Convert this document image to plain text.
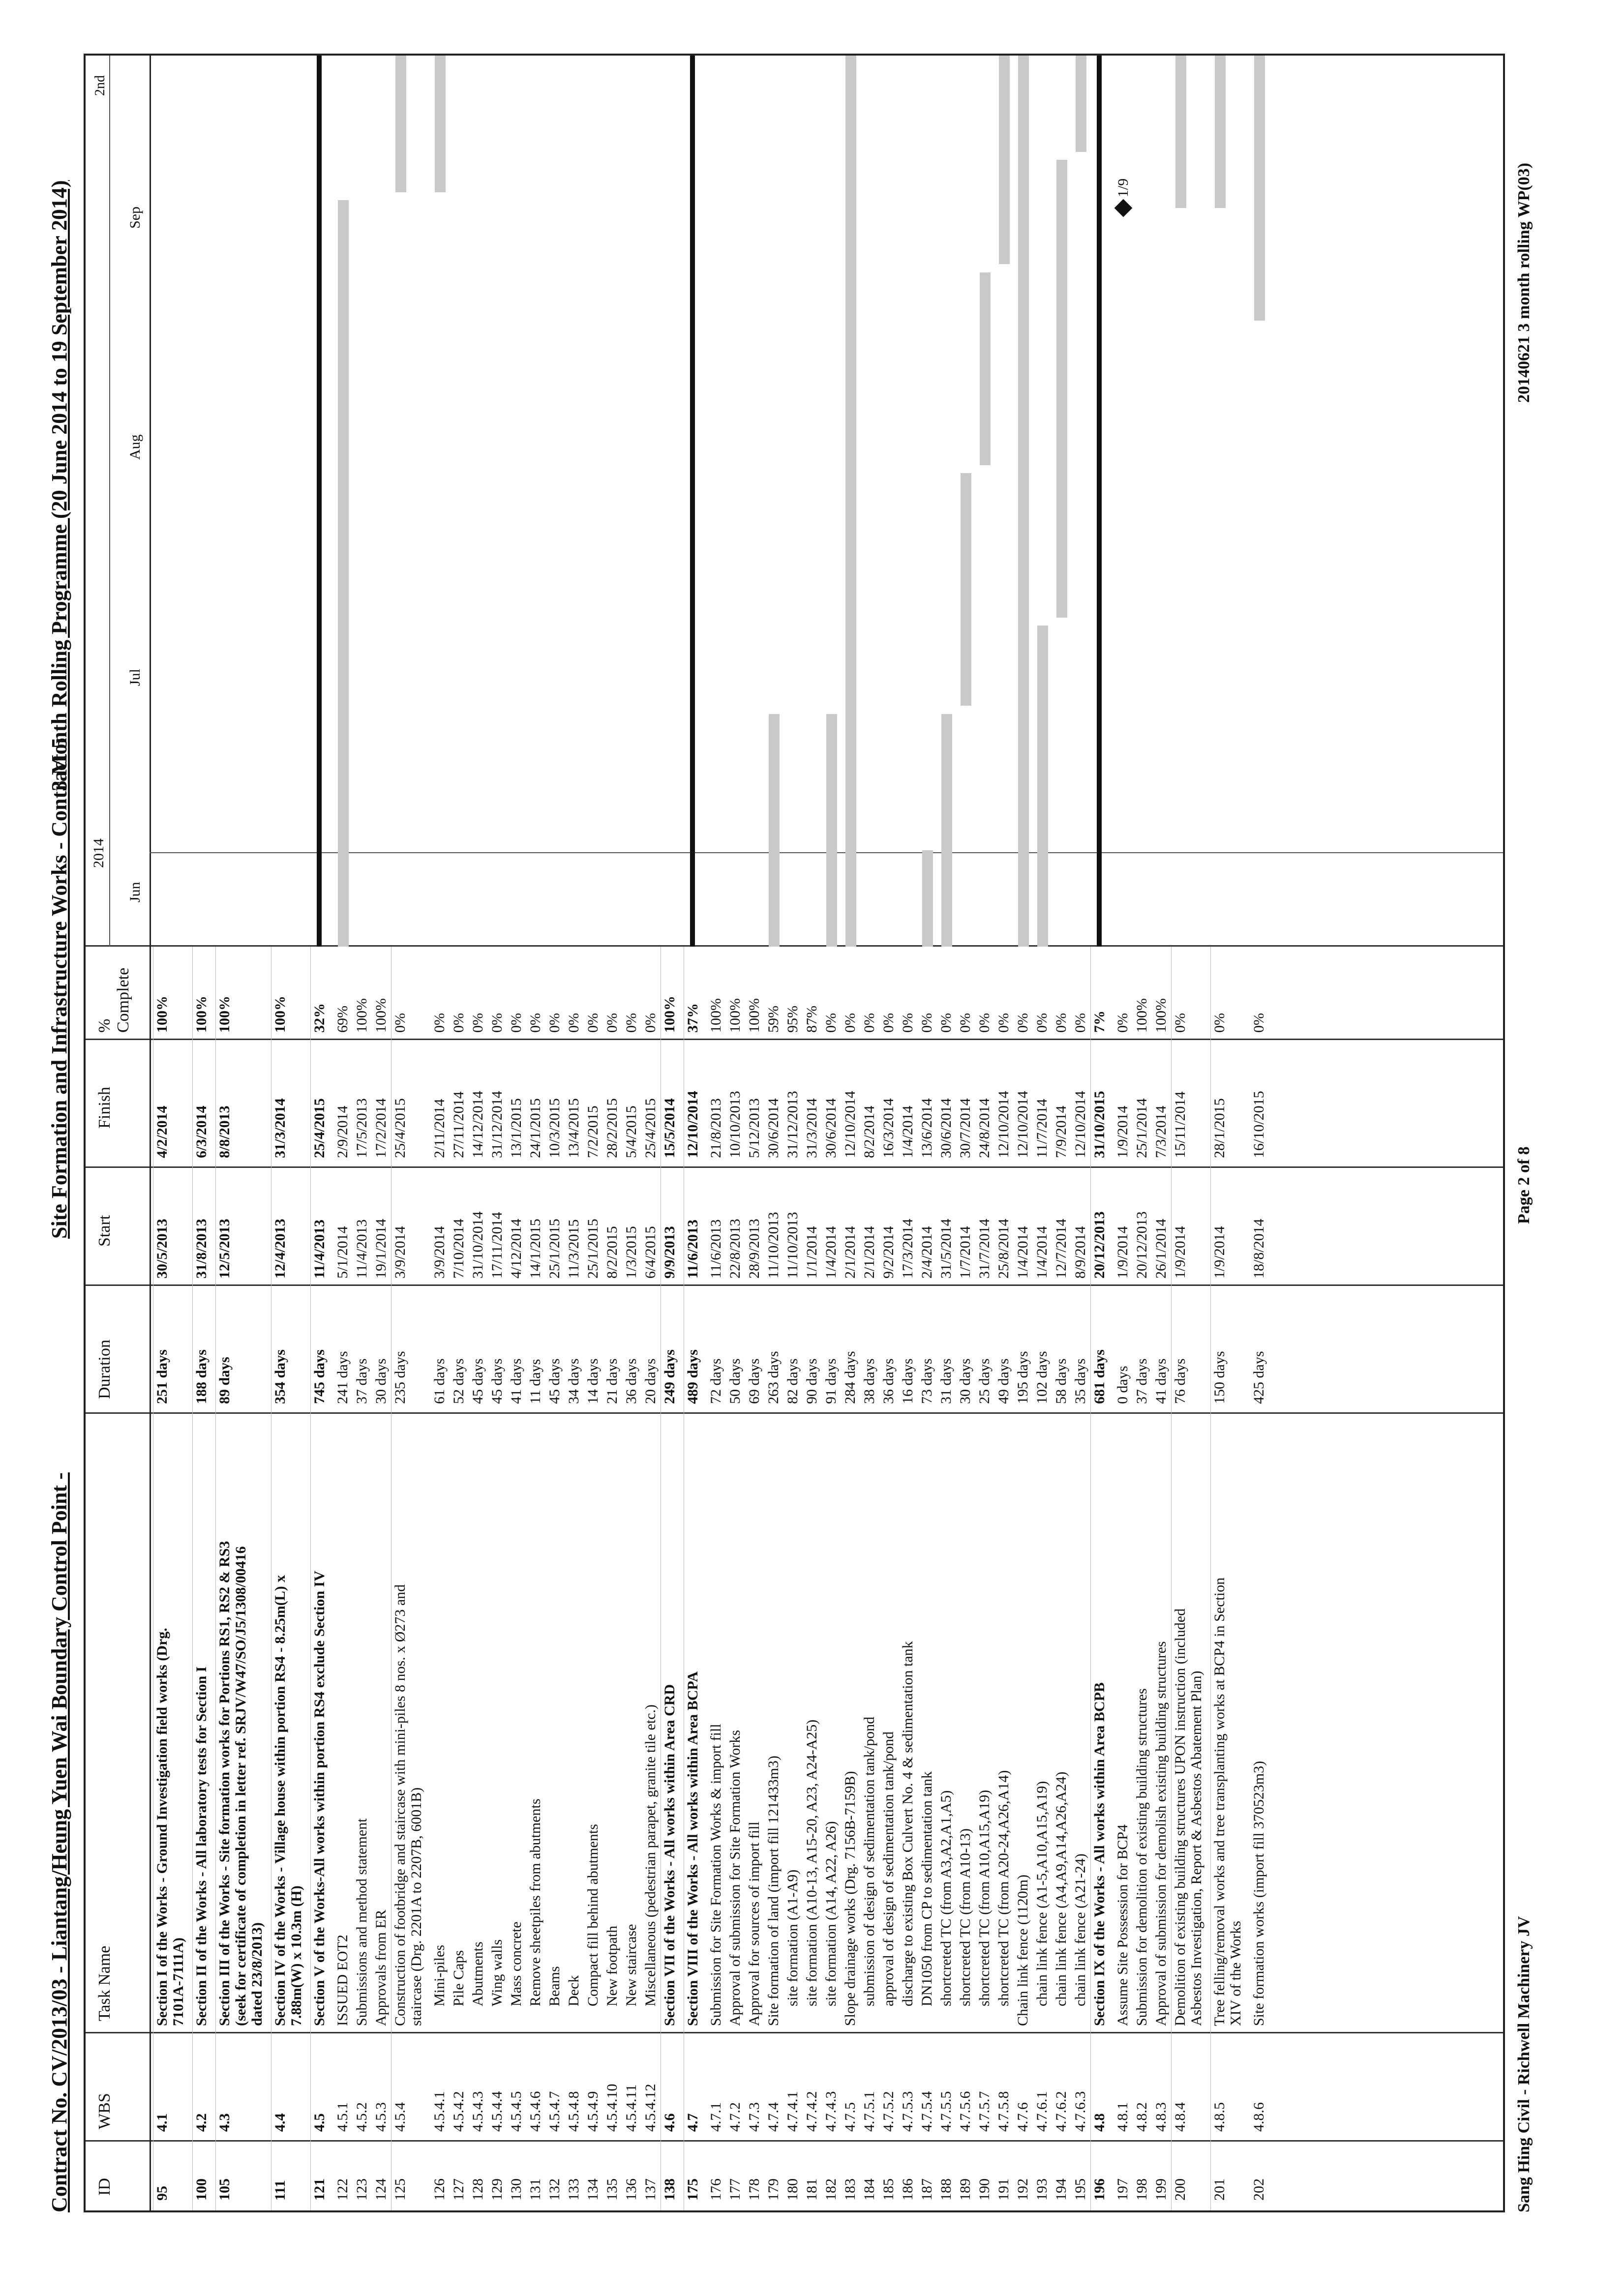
Contract No. CV/2013/03 - Liantang/Heung Yuen Wai Boundary Control Point -
Site Formation and Infrastructure Works - Contract 5
3 Month Rolling Programme (20 June 2014 to 19 September 2014)
ID
WBS
Task Name
Duration
Start
Finish
% Complete
2014
Jun
Jul
Aug
Sep
2nd
95
4.1
Section I of the Works - Ground Investigation field works (Drg. 7101A-7111A)
251 days
30/5/2013
4/2/2014
100%
100
4.2
Section II of the Works - All laboratory tests for Section I
188 days
31/8/2013
6/3/2014
100%
105
4.3
Section III of the Works - Site formation works for Portions RS1, RS2 & RS3 (seek for certificate of completion in letter ref. SRJV/W47/SO/J5/1308/00416 dated 23/8/2013)
89 days
12/5/2013
8/8/2013
100%
111
4.4
Section IV of the Works - Village house within portion RS4 - 8.25m(L) x 7.88m(W) x 10.3m (H)
354 days
12/4/2013
31/3/2014
100%
121
4.5
Section V of the Works-All works within portion RS4 exclude Section IV
745 days
11/4/2013
25/4/2015
32%
122
4.5.1
ISSUED EOT2
241 days
5/1/2014
2/9/2014
69%
123
4.5.2
Submissions and method statement
37 days
11/4/2013
17/5/2013
100%
124
4.5.3
Approvals from ER
30 days
19/1/2014
17/2/2014
100%
125
4.5.4
Construction of footbridge and staircase with mini-piles 8 nos. x Ø273 and staircase (Drg. 2201A to 2207B, 6001B)
235 days
3/9/2014
25/4/2015
0%
126
4.5.4.1
Mini-piles
61 days
3/9/2014
2/11/2014
0%
127
4.5.4.2
Pile Caps
52 days
7/10/2014
27/11/2014
0%
128
4.5.4.3
Abutments
45 days
31/10/2014
14/12/2014
0%
129
4.5.4.4
Wing walls
45 days
17/11/2014
31/12/2014
0%
130
4.5.4.5
Mass concrete
41 days
4/12/2014
13/1/2015
0%
131
4.5.4.6
Remove sheetpiles from abutments
11 days
14/1/2015
24/1/2015
0%
132
4.5.4.7
Beams
45 days
25/1/2015
10/3/2015
0%
133
4.5.4.8
Deck
34 days
11/3/2015
13/4/2015
0%
134
4.5.4.9
Compact fill behind abutments
14 days
25/1/2015
7/2/2015
0%
135
4.5.4.10
New footpath
21 days
8/2/2015
28/2/2015
0%
136
4.5.4.11
New staircase
36 days
1/3/2015
5/4/2015
0%
137
4.5.4.12
Miscellaneous (pedestrian parapet, granite tile etc.)
20 days
6/4/2015
25/4/2015
0%
138
4.6
Section VII of the Works - All works within Area CRD
249 days
9/9/2013
15/5/2014
100%
175
4.7
Section VIII of the Works - All works within Area BCPA
489 days
11/6/2013
12/10/2014
37%
176
4.7.1
Submission for Site Formation Works & import fill
72 days
11/6/2013
21/8/2013
100%
177
4.7.2
Approval of submission for Site Formation Works
50 days
22/8/2013
10/10/2013
100%
178
4.7.3
Approval for sources of import fill
69 days
28/9/2013
5/12/2013
100%
179
4.7.4
Site formation of land (import fill 121433m3)
263 days
11/10/2013
30/6/2014
59%
180
4.7.4.1
site formation (A1-A9)
82 days
11/10/2013
31/12/2013
95%
181
4.7.4.2
site formation (A10-13, A15-20, A23, A24-A25)
90 days
1/1/2014
31/3/2014
87%
182
4.7.4.3
site formation (A14, A22, A26)
91 days
1/4/2014
30/6/2014
0%
183
4.7.5
Slope drainage works (Drg. 7156B-7159B)
284 days
2/1/2014
12/10/2014
0%
184
4.7.5.1
submission of design of sedimentation tank/pond
38 days
2/1/2014
8/2/2014
0%
185
4.7.5.2
approval of design of sedimentation tank/pond
36 days
9/2/2014
16/3/2014
0%
186
4.7.5.3
discharge to existing Box Culvert No. 4 & sedimentation tank
16 days
17/3/2014
1/4/2014
0%
187
4.7.5.4
DN1050 from CP to sedimentation tank
73 days
2/4/2014
13/6/2014
0%
188
4.7.5.5
shortcreted TC (from A3,A2,A1,A5)
31 days
31/5/2014
30/6/2014
0%
189
4.7.5.6
shortcreted TC (from A10-13)
30 days
1/7/2014
30/7/2014
0%
190
4.7.5.7
shortcreted TC (from A10,A15,A19)
25 days
31/7/2014
24/8/2014
0%
191
4.7.5.8
shortcreted TC (from A20-24,A26,A14)
49 days
25/8/2014
12/10/2014
0%
192
4.7.6
Chain link fence (1120m)
195 days
1/4/2014
12/10/2014
0%
193
4.7.6.1
chain link fence (A1-5,A10,A15,A19)
102 days
1/4/2014
11/7/2014
0%
194
4.7.6.2
chain link fence (A4,A9,A14,A26,A24)
58 days
12/7/2014
7/9/2014
0%
195
4.7.6.3
chain link fence (A21-24)
35 days
8/9/2014
12/10/2014
0%
196
4.8
Section IX of the Works - All works within Area BCPB
681 days
20/12/2013
31/10/2015
7%
197
4.8.1
Assume Site Possession for BCP4
0 days
1/9/2014
1/9/2014
0%
198
4.8.2
Submission for demolition of existing building structures
37 days
20/12/2013
25/1/2014
100%
199
4.8.3
Approval of submission for demolish existing building structures
41 days
26/1/2014
7/3/2014
100%
200
4.8.4
Demolition of existing building structures UPON instruction (included Asbestos Investigation, Report & Asbestos Abatement Plan)
76 days
1/9/2014
15/11/2014
0%
201
4.8.5
Tree felling/removal works and tree transplanting works at BCP4 in Section XIV of the Works
150 days
1/9/2014
28/1/2015
0%
202
4.8.6
Site formation works (import fill 370523m3)
425 days
18/8/2014
16/10/2015
0%
1/9
Sang Hing Civil - Richwell Machinery JV
Page 2 of 8
20140621 3 month rolling WP(03)
